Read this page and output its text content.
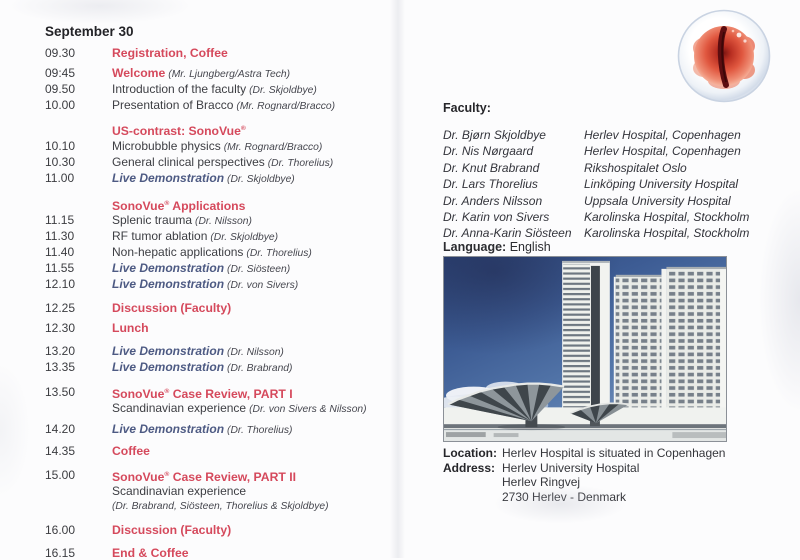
September 30
09.30	Registration, Coffee
09:45	Welcome (Mr. Ljungberg/Astra Tech)
09.50	Introduction of the faculty (Dr. Skjoldbye)
10.00	Presentation of Bracco (Mr. Rognard/Bracco)
US-contrast: SonoVue®
10.10	Microbubble physics (Mr. Rognard/Bracco)
10.30	General clinical perspectives (Dr. Thorelius)
11.00	Live Demonstration (Dr. Skjoldbye)
SonoVue® Applications
11.15	Splenic trauma (Dr. Nilsson)
11.30	RF tumor ablation (Dr. Skjoldbye)
11.40	Non-hepatic applications (Dr. Thorelius)
11.55	Live Demonstration (Dr. Siösteen)
12.10	Live Demonstration (Dr. von Sivers)
12.25	Discussion (Faculty)
12.30	Lunch
13.20	Live Demonstration (Dr. Nilsson)
13.35	Live Demonstration (Dr. Brabrand)
13.50	SonoVue® Case Review, PART I
Scandinavian experience (Dr. von Sivers & Nilsson)
14.20	Live Demonstration (Dr. Thorelius)
14.35	Coffee
15.00	SonoVue® Case Review, PART II
Scandinavian experience
(Dr. Brabrand, Siösteen, Thorelius & Skjoldbye)
16.00	Discussion (Faculty)
16.15	End & Coffee
Faculty:
Dr. Bjørn Skjoldbye	Herlev Hospital, Copenhagen
Dr. Nis Nørgaard	Herlev Hospital, Copenhagen
Dr. Knut Brabrand	Rikshospitalet Oslo
Dr. Lars Thorelius	Linköping University Hospital
Dr. Anders Nilsson	Uppsala University Hospital
Dr. Karin von Sivers	Karolinska Hospital, Stockholm
Dr. Anna-Karin Siösteen	Karolinska Hospital, Stockholm
Language: English
Location: Herlev Hospital is situated in Copenhagen
Address: Herlev University Hospital
Herlev Ringvej
2730 Herlev - Denmark
